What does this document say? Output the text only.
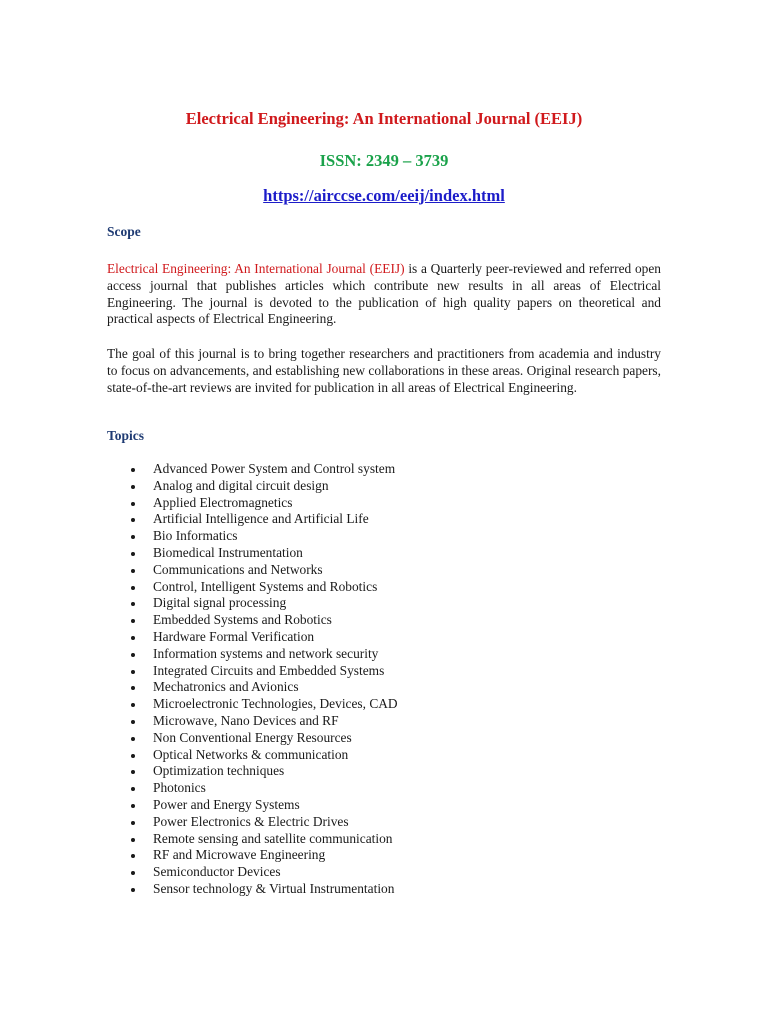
Electrical Engineering: An International Journal (EEIJ)

ISSN: 2349 – 3739

https://airccse.com/eeij/index.html

Scope

Electrical Engineering: An International Journal (EEIJ) is a Quarterly peer-reviewed and referred open access journal that publishes articles which contribute new results in all areas of Electrical Engineering. The journal is devoted to the publication of high quality papers on theoretical and practical aspects of Electrical Engineering.

The goal of this journal is to bring together researchers and practitioners from academia and industry to focus on advancements, and establishing new collaborations in these areas. Original research papers, state-of-the-art reviews are invited for publication in all areas of Electrical Engineering.

Topics

Advanced Power System and Control system
Analog and digital circuit design
Applied Electromagnetics
Artificial Intelligence and Artificial Life
Bio Informatics
Biomedical Instrumentation
Communications and Networks
Control, Intelligent Systems and Robotics
Digital signal processing
Embedded Systems and Robotics
Hardware Formal Verification
Information systems and network security
Integrated Circuits and Embedded Systems
Mechatronics and Avionics
Microelectronic Technologies, Devices, CAD
Microwave, Nano Devices and RF
Non Conventional Energy Resources
Optical Networks & communication
Optimization techniques
Photonics
Power and Energy Systems
Power Electronics & Electric Drives
Remote sensing and satellite communication
RF and Microwave Engineering
Semiconductor Devices
Sensor technology & Virtual Instrumentation
